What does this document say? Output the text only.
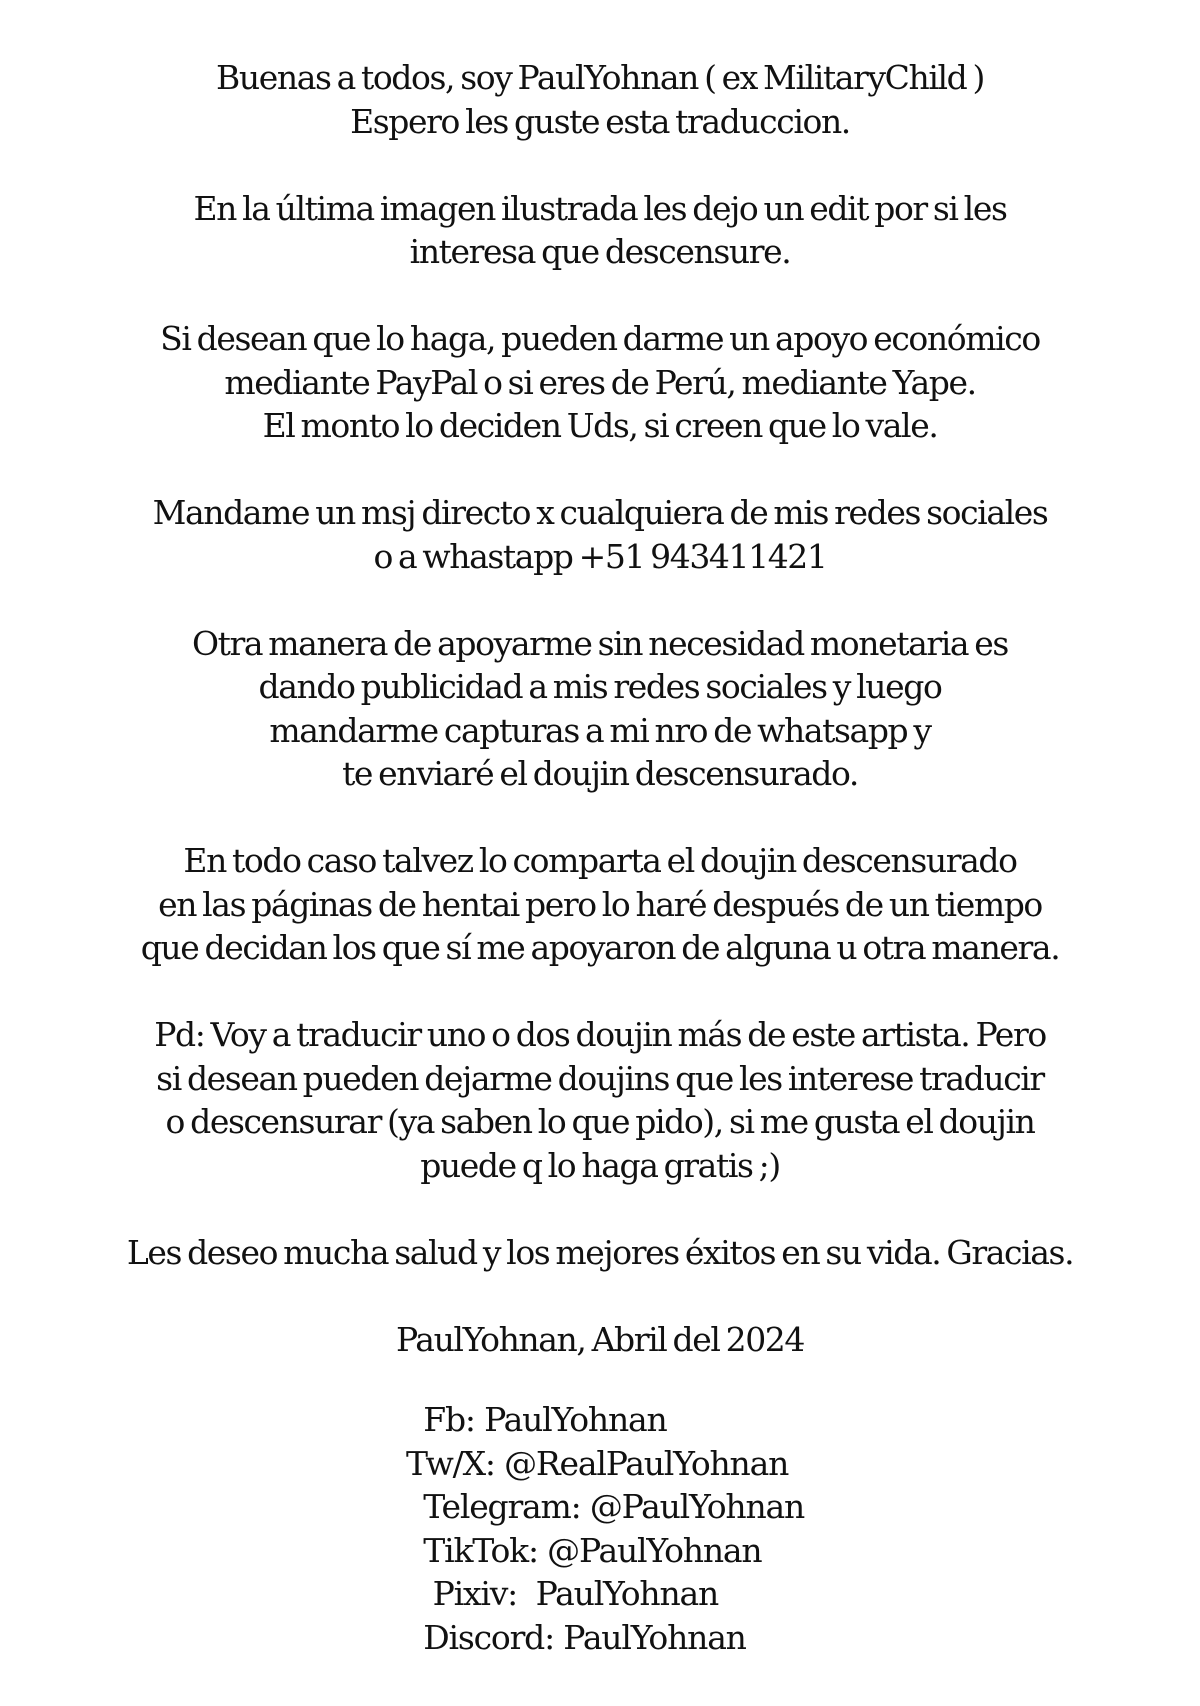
Buenas a todos, soy PaulYohnan ( ex MilitaryChild )
Espero les guste esta traduccion.

En la última imagen ilustrada les dejo un edit por si les
interesa que descensure.

Si desean que lo haga, pueden darme un apoyo económico
mediante PayPal o si eres de Perú, mediante Yape.
El monto lo deciden Uds, si creen que lo vale.

Mandame un msj directo x cualquiera de mis redes sociales
o a whastapp +51 943411421

Otra manera de apoyarme sin necesidad monetaria es
dando publicidad a mis redes sociales y luego
mandarme capturas a mi nro de whatsapp y
te enviaré el doujin descensurado.

En todo caso talvez lo comparta el doujin descensurado
en las páginas de hentai pero lo haré después de un tiempo
que decidan los que sí me apoyaron de alguna u otra manera.

Pd: Voy a traducir uno o dos doujin más de este artista. Pero
si desean pueden dejarme doujins que les interese traducir
o descensurar (ya saben lo que pido), si me gusta el doujin
puede q lo haga gratis ;)

Les deseo mucha salud y los mejores éxitos en su vida. Gracias.

PaulYohnan, Abril del 2024

Fb: PaulYohnan
Tw/X: @RealPaulYohnan
Telegram: @PaulYohnan
TikTok: @PaulYohnan
Pixiv:  PaulYohnan
Discord: PaulYohnan
